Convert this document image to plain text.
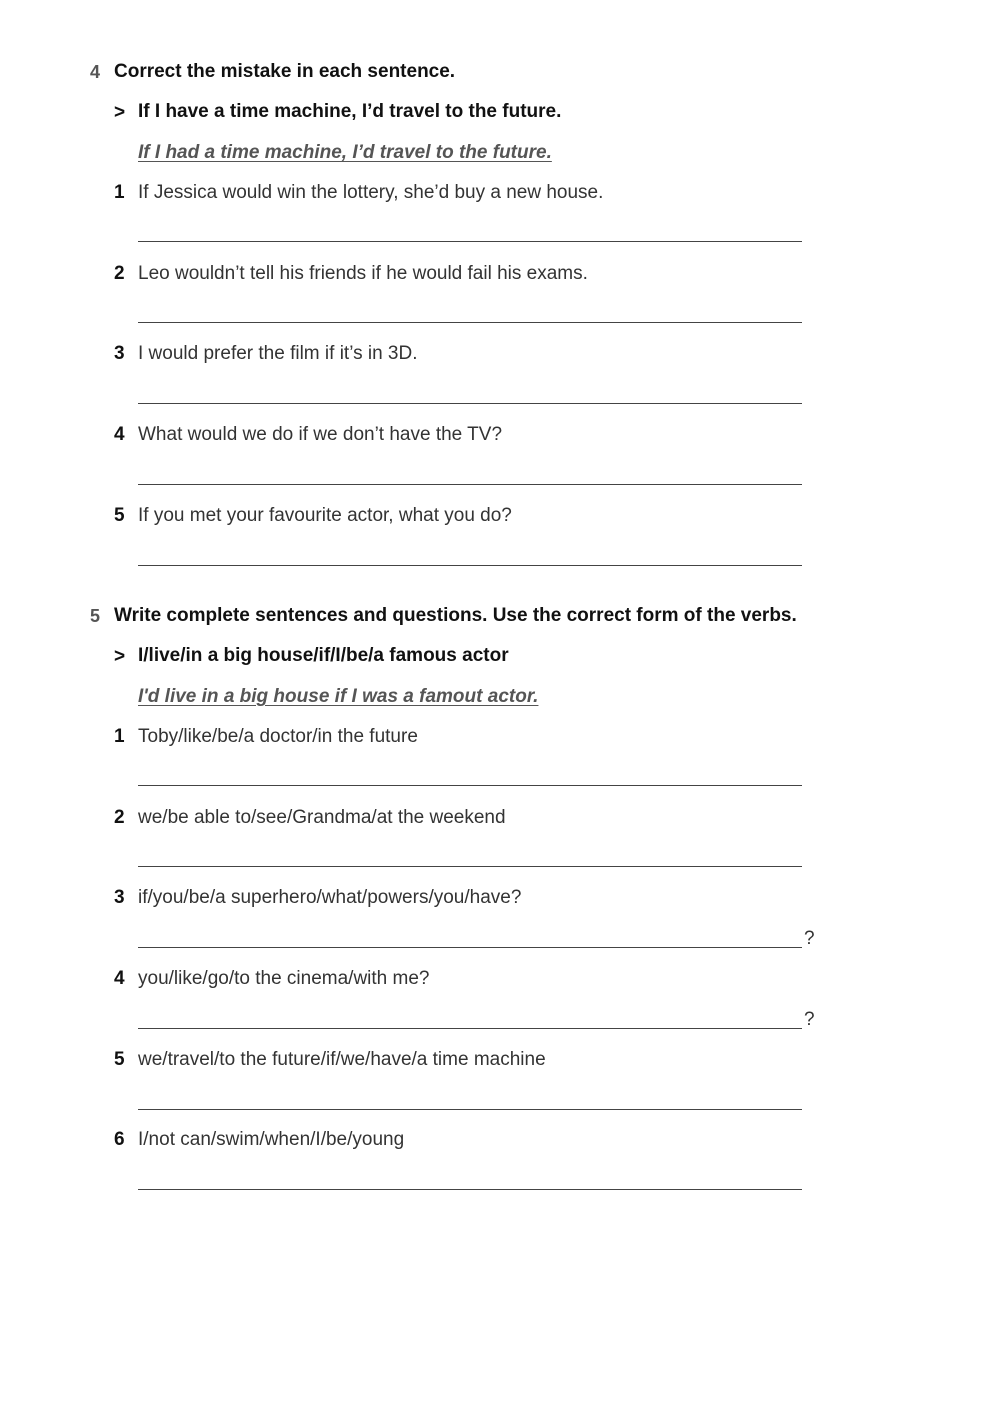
4 Correct the mistake in each sentence.
> If I have a time machine, I’d travel to the future.
If I had a time machine, I’d travel to the future.
1 If Jessica would win the lottery, she’d buy a new house.
2 Leo wouldn’t tell his friends if he would fail his exams.
3 I would prefer the film if it’s in 3D.
4 What would we do if we don’t have the TV?
5 If you met your favourite actor, what you do?
5 Write complete sentences and questions. Use the correct form of the verbs.
> I/live/in a big house/if/I/be/a famous actor
I'd live in a big house if I was a famout actor.
1 Toby/like/be/a doctor/in the future
2 we/be able to/see/Grandma/at the weekend
3 if/you/be/a superhero/what/powers/you/have?
?
4 you/like/go/to the cinema/with me?
?
5 we/travel/to the future/if/we/have/a time machine
6 I/not can/swim/when/I/be/young
